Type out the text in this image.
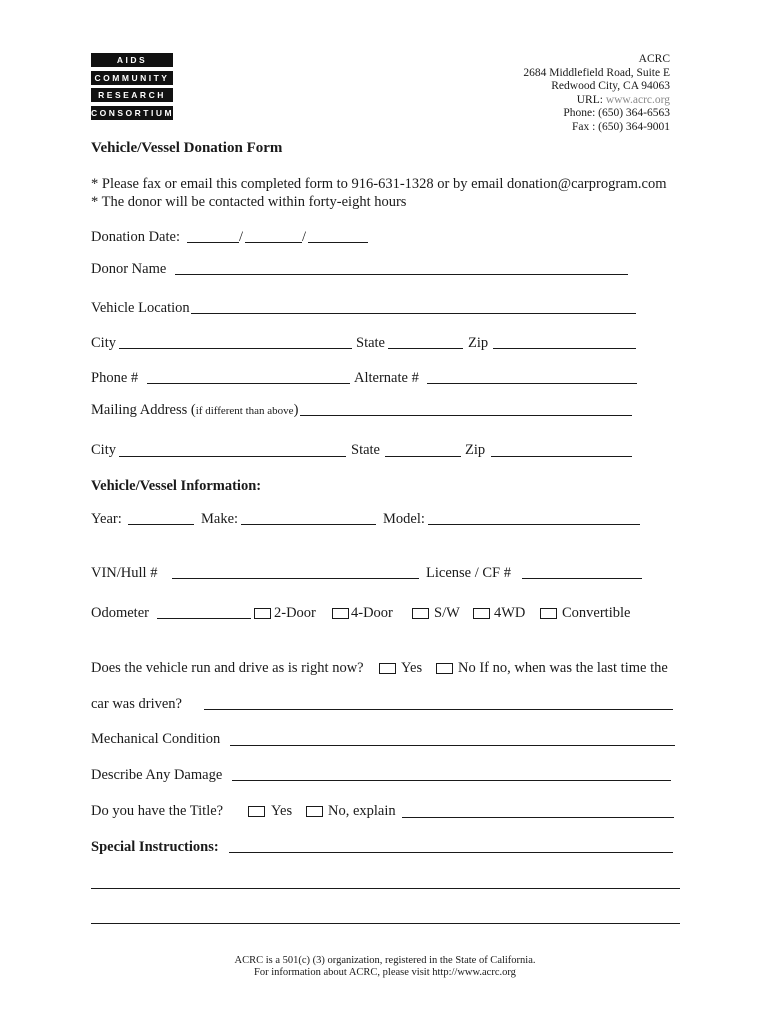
AIDS
COMMUNITY
RESEARCH
CONSORTIUM
ACRC
2684 Middlefield Road, Suite E
Redwood City, CA 94063
URL: www.acrc.org
Phone: (650) 364-6563
Fax : (650) 364-9001
Vehicle/Vessel Donation Form
* Please fax or email this completed form to 916-631-1328 or by email donation@carprogram.com
* The donor will be contacted within forty-eight hours
Donation Date:	/	/
Donor Name
Vehicle Location
City	State	Zip
Phone #	Alternate #
Mailing Address (if different than above)
City	State	Zip
Vehicle/Vessel Information:
Year:	Make:	Model:
VIN/Hull #	License / CF #
Odometer	2-Door 4-Door	S/W 4WD	Convertible
Does the vehicle run and drive as is right now?	Yes No If no, when was the last time the
car was driven?
Mechanical Condition
Describe Any Damage
Do you have the Title?	Yes No, explain
Special Instructions:
ACRC is a 501(c) (3) organization, registered in the State of California.
For information about ACRC, please visit http://www.acrc.org
